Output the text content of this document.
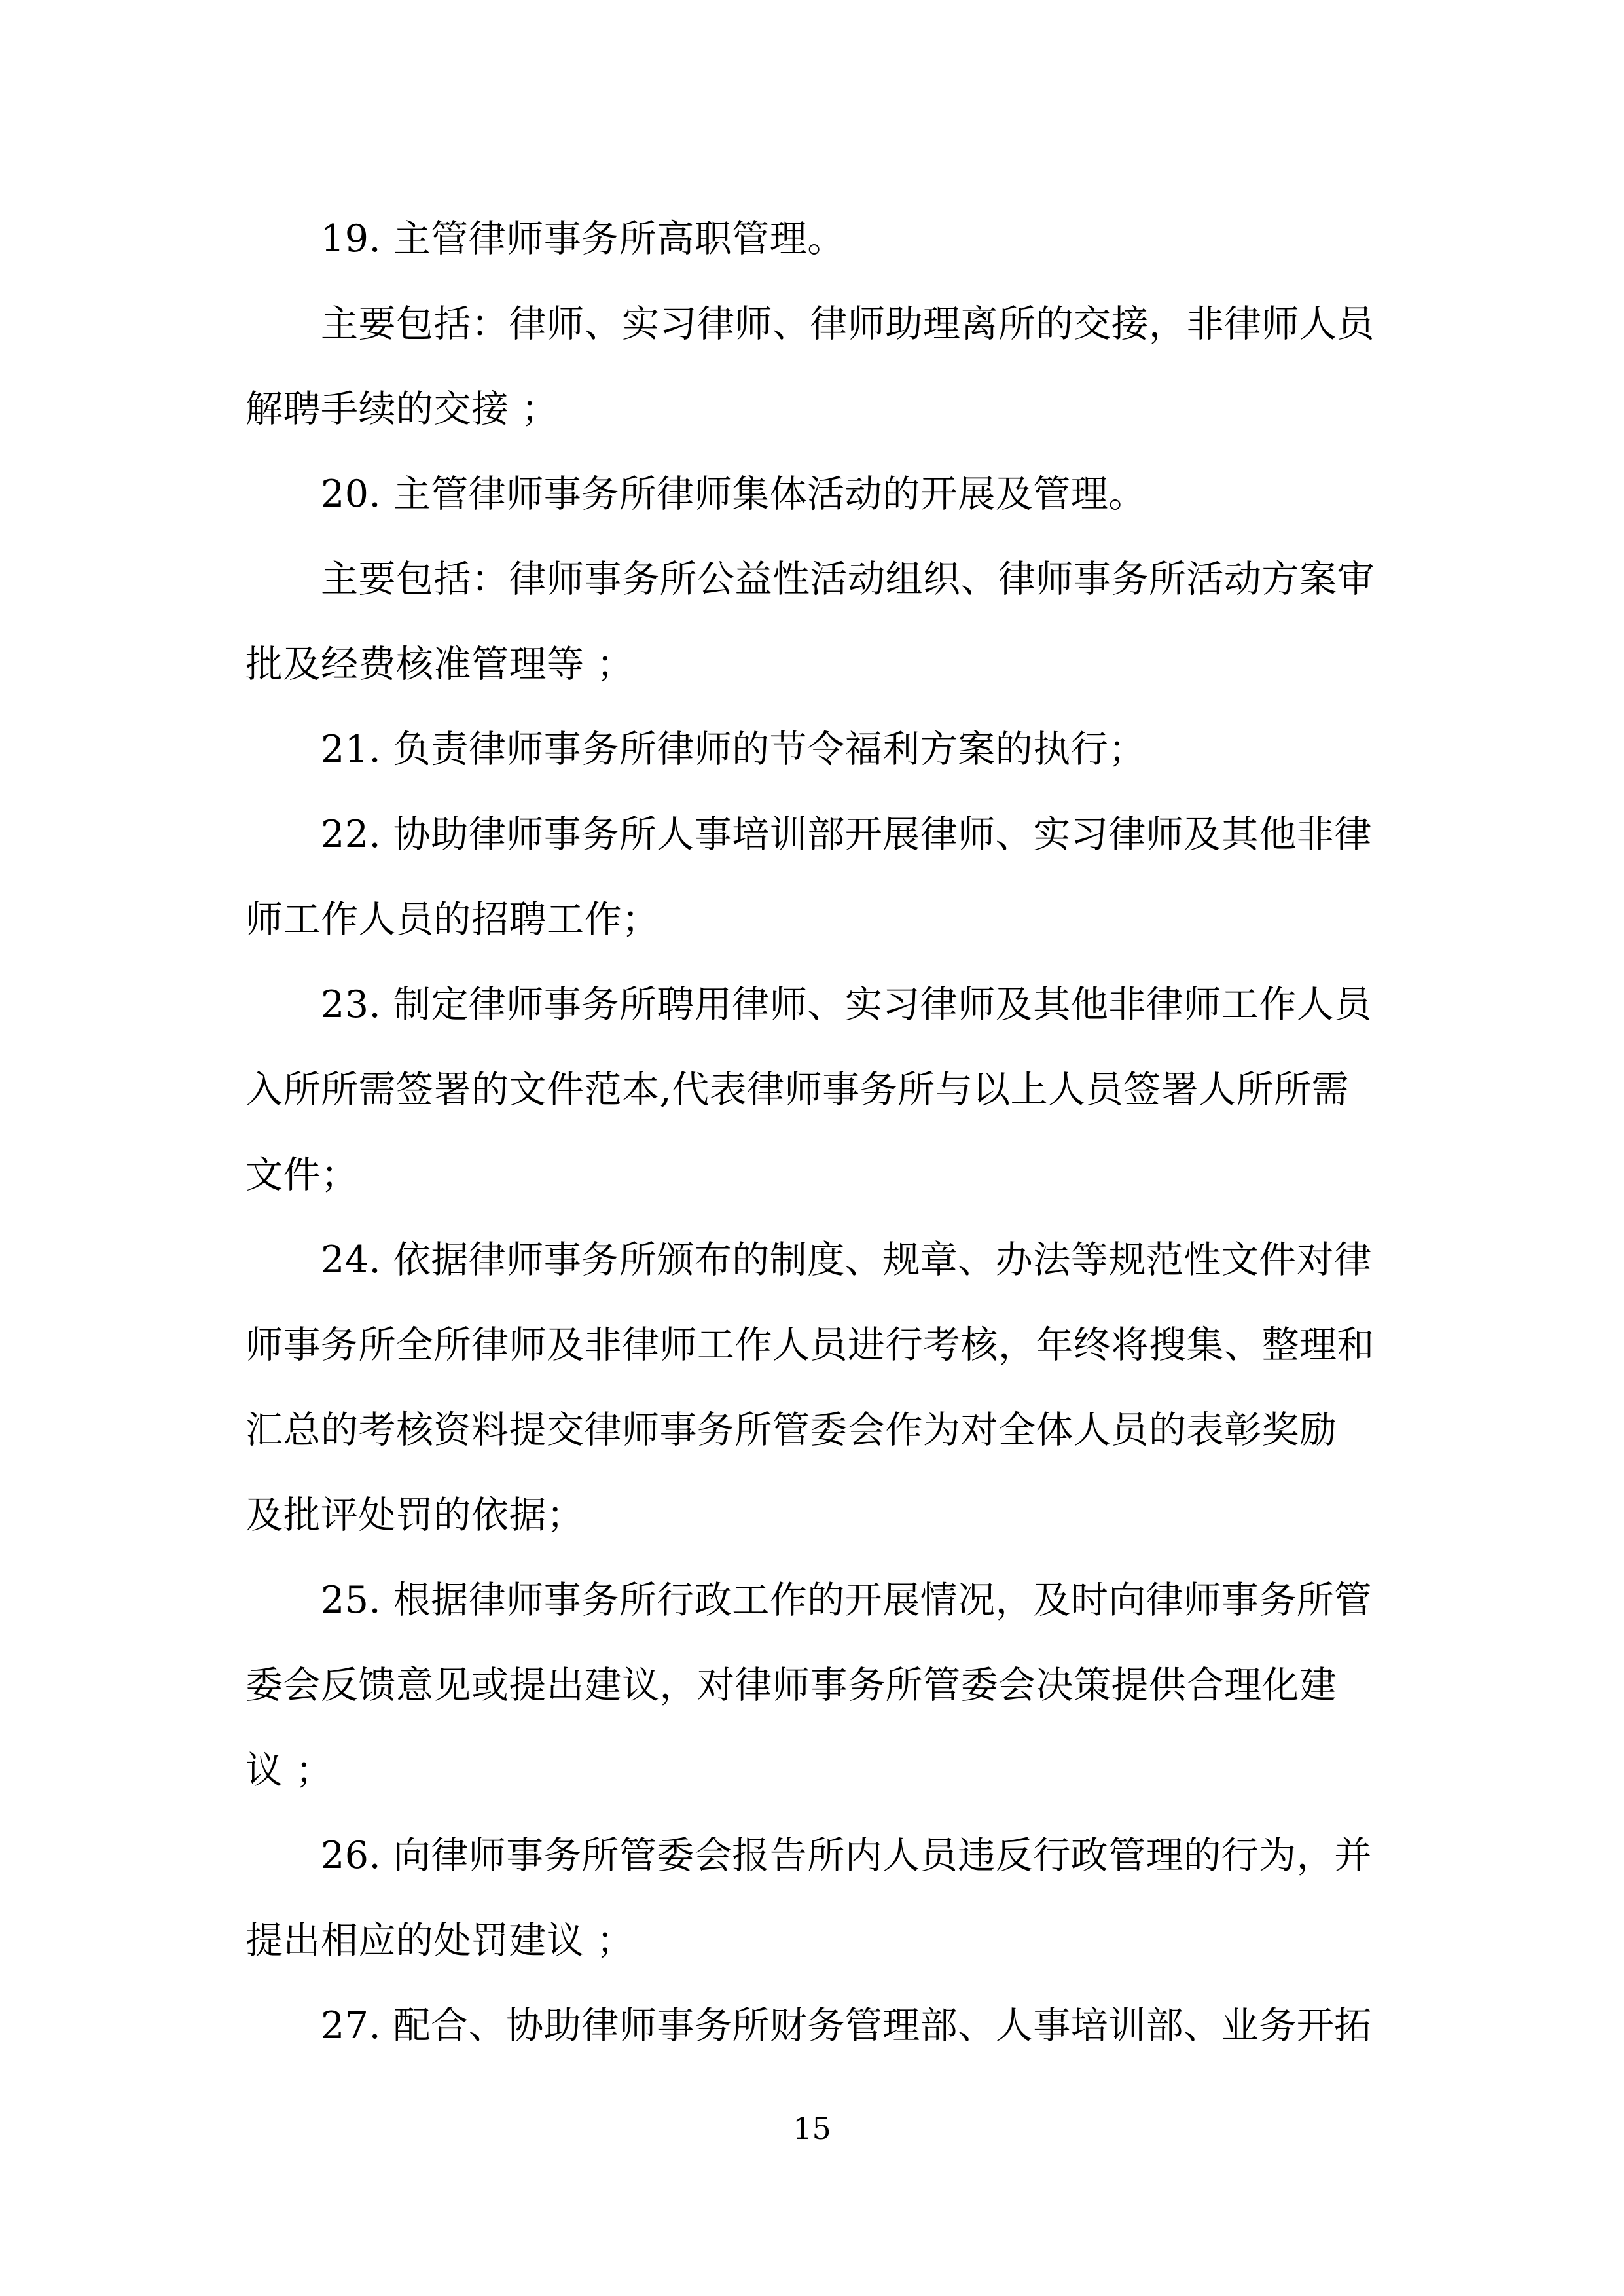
19. 主管律师事务所高职管理。
主要包括：律师、实习律师、律师助理离所的交接，非律师人员
解聘手续的交接 ；
20. 主管律师事务所律师集体活动的开展及管理。
主要包括：律师事务所公益性活动组织、律师事务所活动方案审
批及经费核准管理等 ；
21. 负责律师事务所律师的节令福利方案的执行；
22. 协助律师事务所人事培训部开展律师、实习律师及其他非律
师工作人员的招聘工作；
23. 制定律师事务所聘用律师、实习律师及其他非律师工作人员
入所所需签署的文件范本,代表律师事务所与以上人员签署人所所需
文件；
24. 依据律师事务所颁布的制度、规章、办法等规范性文件对律
师事务所全所律师及非律师工作人员进行考核，年终将搜集、整理和
汇总的考核资料提交律师事务所管委会作为对全体人员的表彰奖励
及批评处罚的依据；
25. 根据律师事务所行政工作的开展情况，及时向律师事务所管
委会反馈意见或提出建议，对律师事务所管委会决策提供合理化建
议 ；
26. 向律师事务所管委会报告所内人员违反行政管理的行为，并
提出相应的处罚建议 ；
27. 配合、协助律师事务所财务管理部、人事培训部、业务开拓
15
